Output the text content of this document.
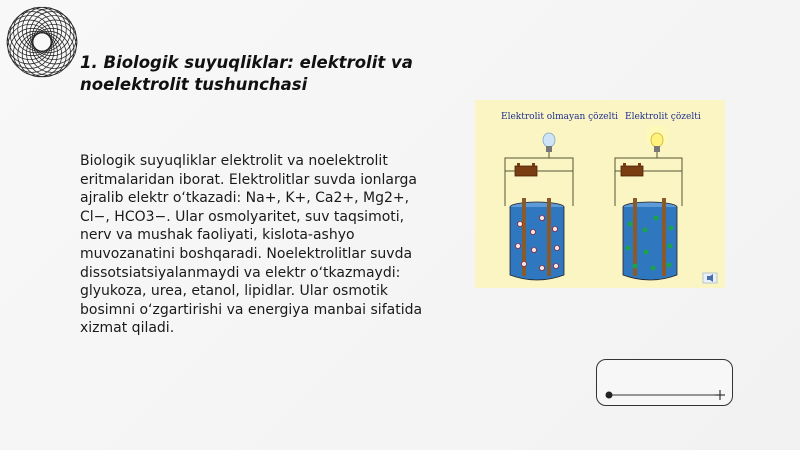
1. Biologik suyuqliklar: elektrolit va noelektrolit tushunchasi
Biologik suyuqliklar elektrolit va noelektrolit eritmalaridan iborat. Elektrolitlar suvda ionlarga ajralib elektr o‘tkazadi: Na+, K+, Ca2+, Mg2+, Cl−, HCO3−. Ular osmolyaritet, suv taqsimoti, nerv va mushak faoliyati, kislota-ashyo muvozanatini boshqaradi. Noelektrolitlar suvda dissotsiatsiyalanmaydi va elektr o‘tkazmaydi: glyukoza, urea, etanol, lipidlar. Ular osmotik bosimni o‘zgartirishi va energiya manbai sifatida xizmat qiladi.
Elektrolit olmayan çözelti Elektrolit çözelti
